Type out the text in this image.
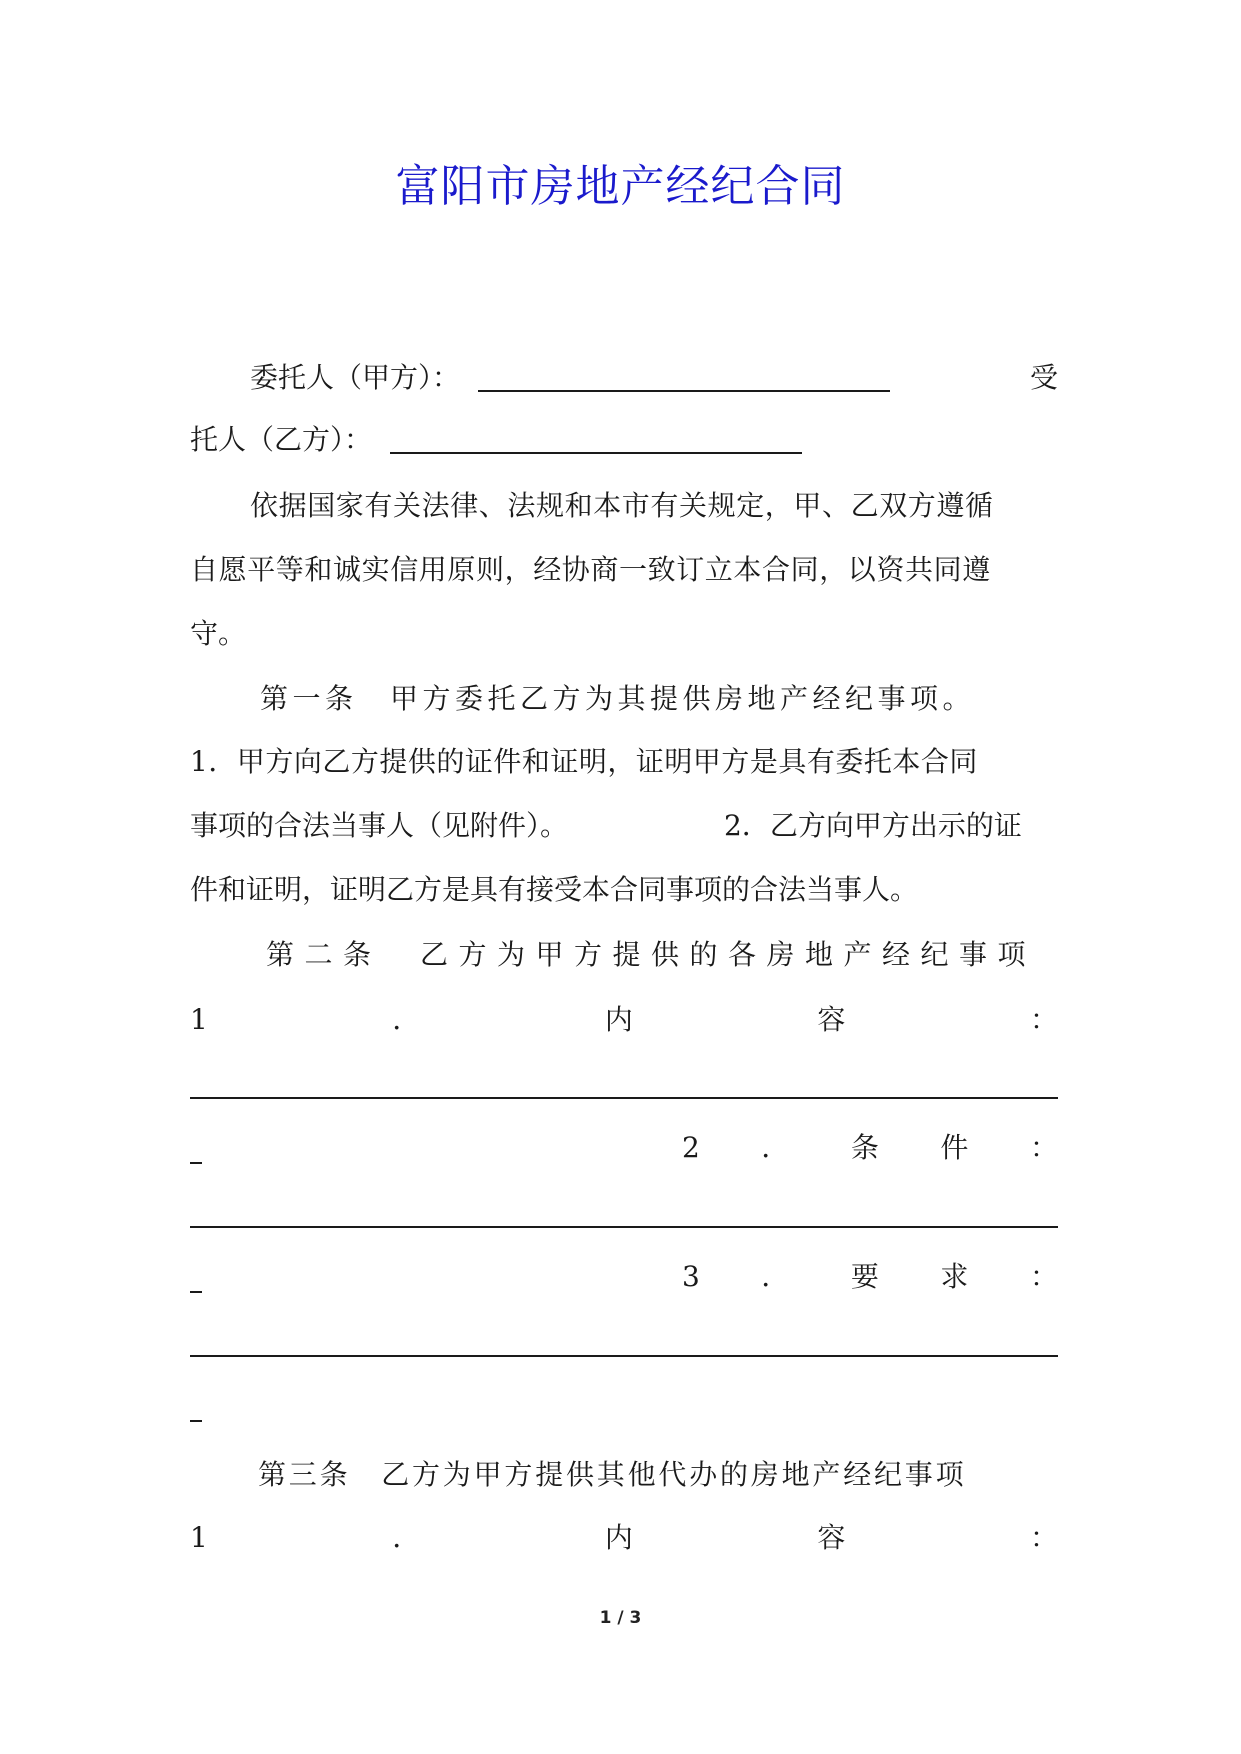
富阳市房地产经纪合同
委托人（甲方）：	受
托人（乙方）：
依据国家有关法律、法规和本市有关规定，甲、乙双方遵循
自愿平等和诚实信用原则，经协商一致订立本合同，以资共同遵
守。
第一条　甲方委托乙方为其提供房地产经纪事项。
1．甲方向乙方提供的证件和证明，证明甲方是具有委托本合同
事项的合法当事人（见附件）。	2．乙方向甲方出示的证
件和证明，证明乙方是具有接受本合同事项的合法当事人。
第二条　乙方为甲方提供的各房地产经纪事项
1	．	内	容	：
2 ． 条 件 ：
3 ． 要 求 ：
第三条　乙方为甲方提供其他代办的房地产经纪事项
1	．	内	容	：
1 / 3
